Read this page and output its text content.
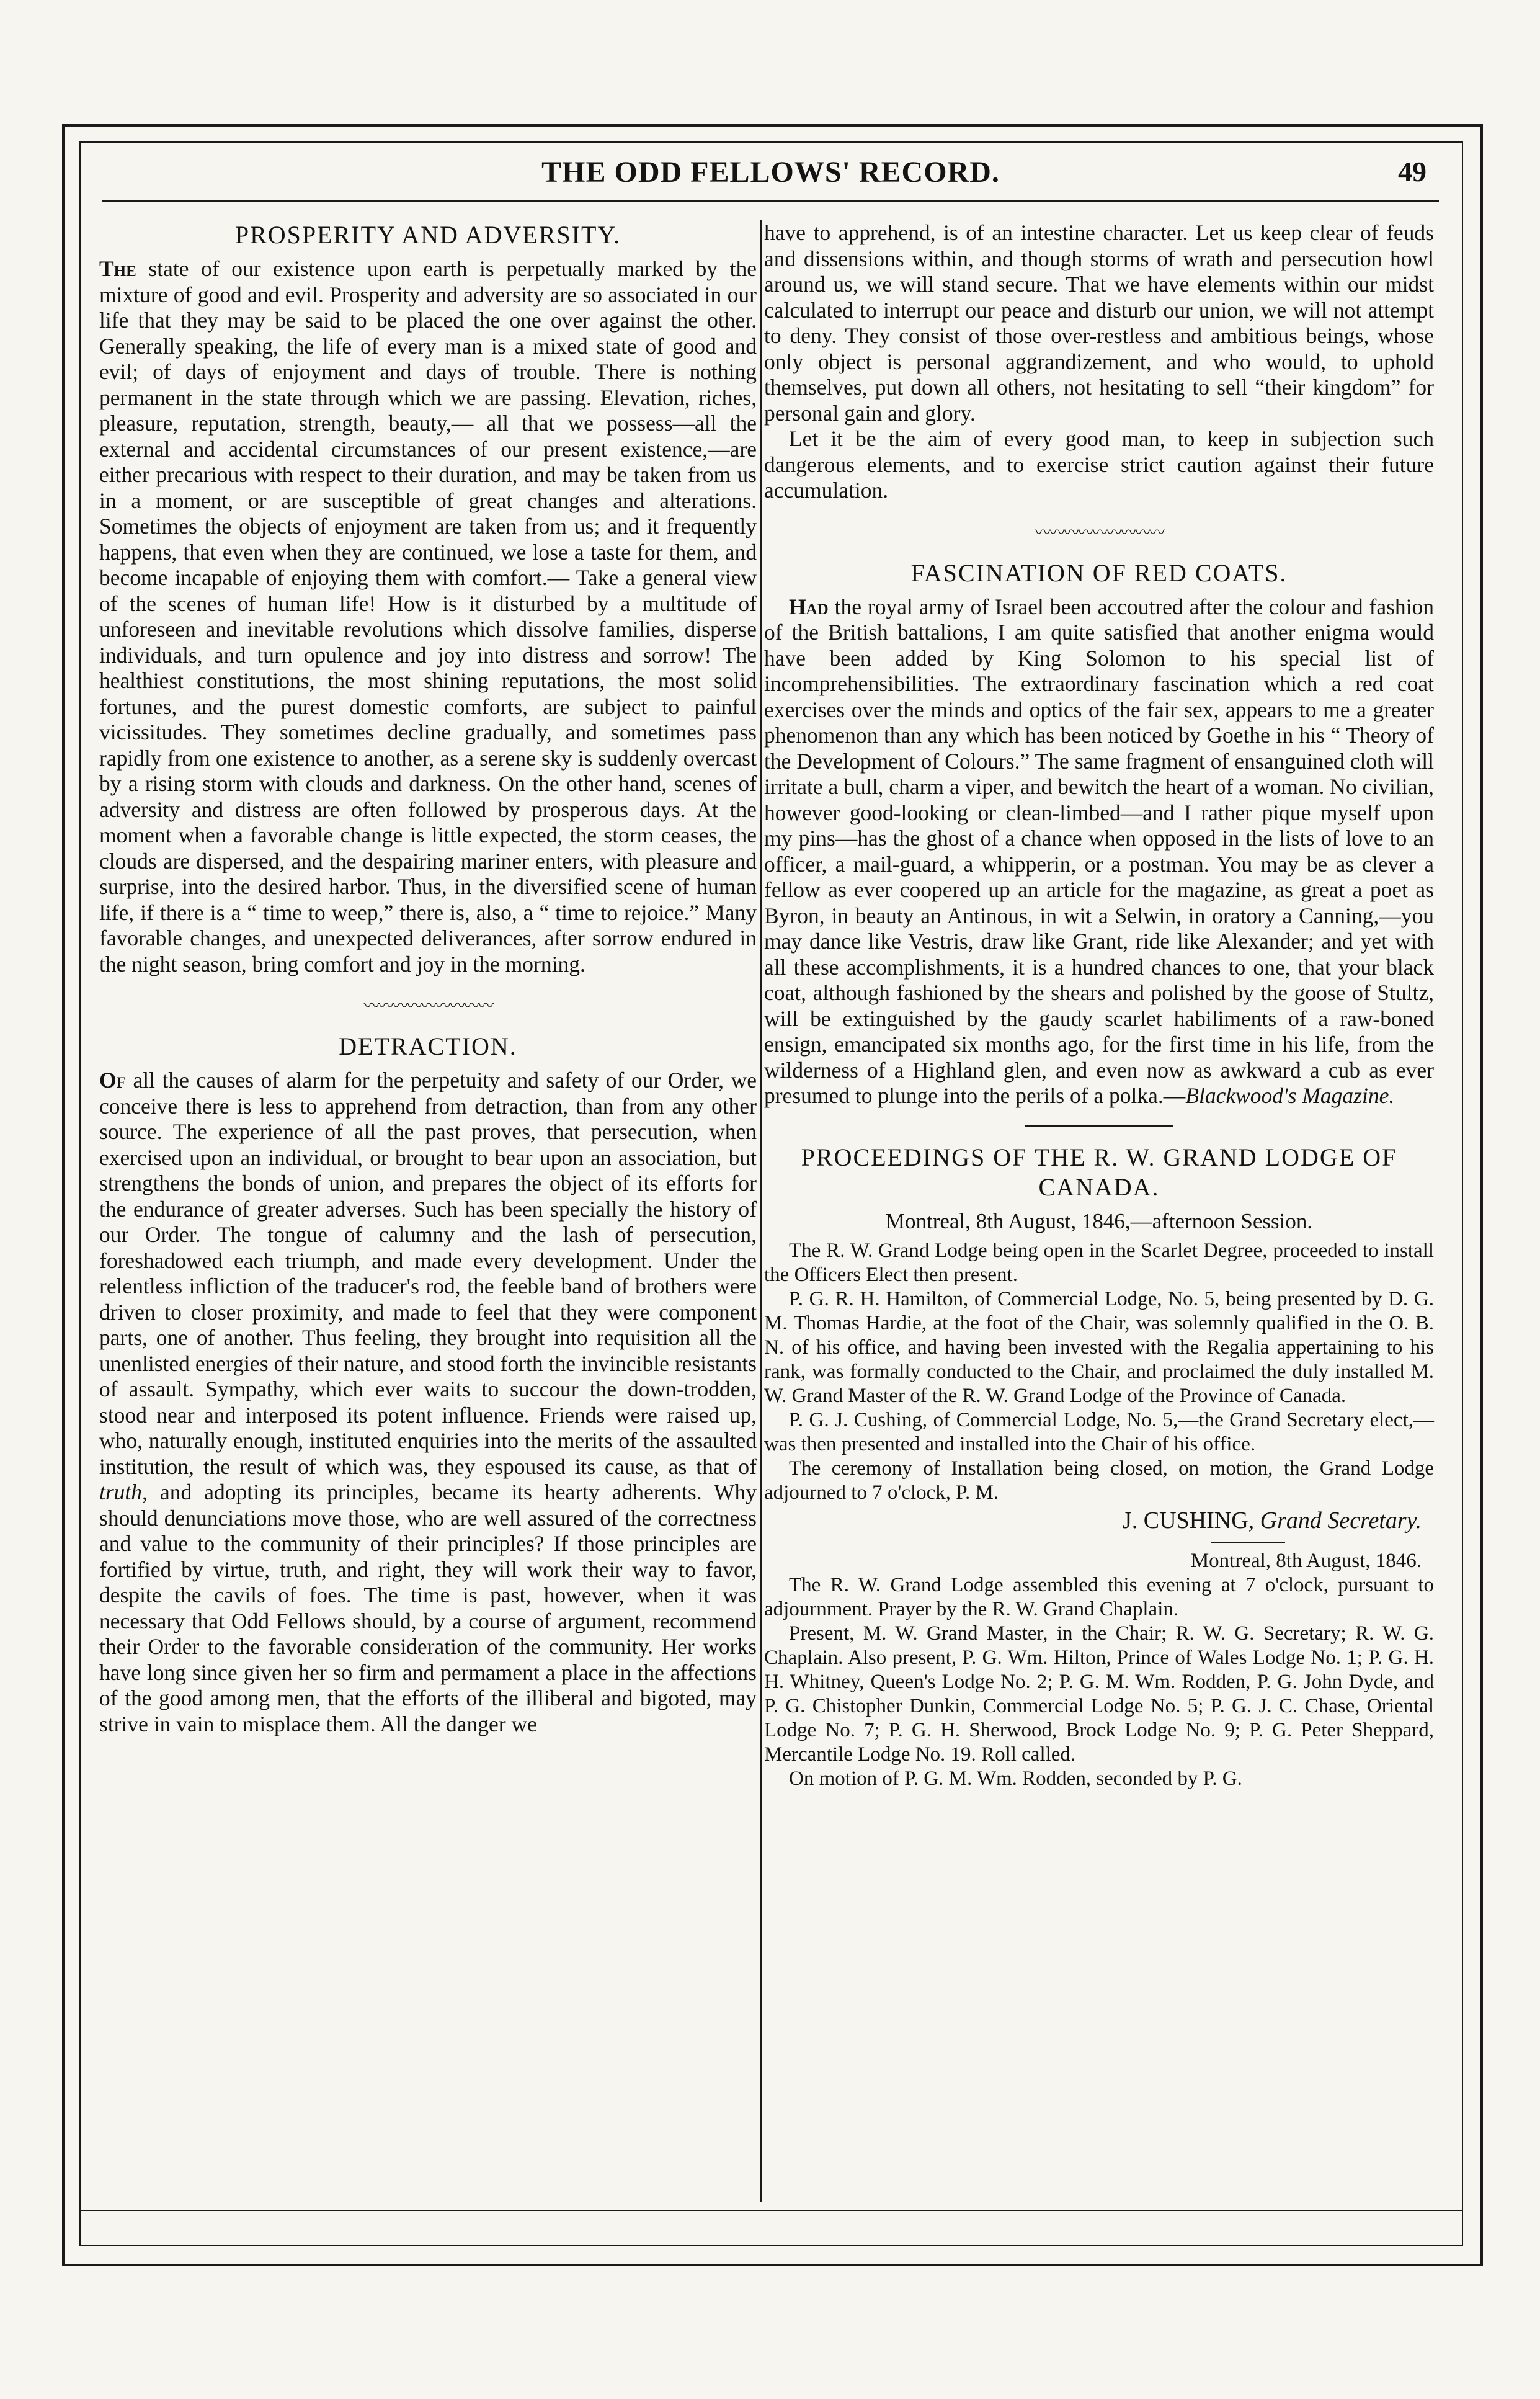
THE ODD FELLOWS' RECORD.	49
PROSPERITY AND ADVERSITY.

The state of our existence upon earth is perpetually marked by the mixture of good and evil. Prosperity and adversity are so associated in our life that they may be said to be placed the one over against the other. Generally speaking, the life of every man is a mixed state of good and evil; of days of enjoyment and days of trouble. There is nothing permanent in the state through which we are passing. Elevation, riches, pleasure, reputation, strength, beauty,— all that we possess—all the external and accidental circumstances of our present existence,—are either precarious with respect to their duration, and may be taken from us in a moment, or are susceptible of great changes and alterations. Sometimes the objects of enjoyment are taken from us; and it frequently happens, that even when they are continued, we lose a taste for them, and become incapable of enjoying them with comfort.— Take a general view of the scenes of human life! How is it disturbed by a multitude of unforeseen and inevitable revolutions which dissolve families, disperse individuals, and turn opulence and joy into distress and sorrow! The healthiest constitutions, the most shining reputations, the most solid fortunes, and the purest domestic comforts, are subject to painful vicissitudes. They sometimes decline gradually, and sometimes pass rapidly from one existence to another, as a serene sky is suddenly overcast by a rising storm with clouds and darkness. On the other hand, scenes of adversity and distress are often followed by prosperous days. At the moment when a favorable change is little expected, the storm ceases, the clouds are dispersed, and the despairing mariner enters, with pleasure and surprise, into the desired harbor. Thus, in the diversified scene of human life, if there is a “ time to weep,” there is, also, a “ time to rejoice.” Many favorable changes, and unexpected deliverances, after sorrow endured in the night season, bring comfort and joy in the morning.

〰〰〰〰〰〰〰〰〰
DETRACTION.

Of all the causes of alarm for the perpetuity and safety of our Order, we conceive there is less to apprehend from detraction, than from any other source. The experience of all the past proves, that persecution, when exercised upon an individual, or brought to bear upon an association, but strengthens the bonds of union, and prepares the object of its efforts for the endurance of greater adverses. Such has been specially the history of our Order. The tongue of calumny and the lash of persecution, foreshadowed each triumph, and made every development. Under the relentless infliction of the traducer's rod, the feeble band of brothers were driven to closer proximity, and made to feel that they were component parts, one of another. Thus feeling, they brought into requisition all the unenlisted energies of their nature, and stood forth the invincible resistants of assault. Sympathy, which ever waits to succour the down-trodden, stood near and interposed its potent influence. Friends were raised up, who, naturally enough, instituted enquiries into the merits of the assaulted institution, the result of which was, they espoused its cause, as that of truth, and adopting its principles, became its hearty adherents. Why should denunciations move those, who are well assured of the correctness and value to the community of their principles? If those principles are fortified by virtue, truth, and right, they will work their way to favor, despite the cavils of foes. The time is past, however, when it was necessary that Odd Fellows should, by a course of argument, recommend their Order to the favorable consideration of the community. Her works have long since given her so firm and permament a place in the affections of the good among men, that the efforts of the illiberal and bigoted, may strive in vain to misplace them. All the danger we

have to apprehend, is of an intestine character. Let us keep clear of feuds and dissensions within, and though storms of wrath and persecution howl around us, we will stand secure. That we have elements within our midst calculated to interrupt our peace and disturb our union, we will not attempt to deny. They consist of those over-restless and ambitious beings, whose only object is personal aggrandizement, and who would, to uphold themselves, put down all others, not hesitating to sell “their kingdom” for personal gain and glory.

Let it be the aim of every good man, to keep in subjection such dangerous elements, and to exercise strict caution against their future accumulation.

〰〰〰〰〰〰〰〰〰
FASCINATION OF RED COATS.

Had the royal army of Israel been accoutred after the colour and fashion of the British battalions, I am quite satisfied that another enigma would have been added by King Solomon to his special list of incomprehensibilities. The extraordinary fascination which a red coat exercises over the minds and optics of the fair sex, appears to me a greater phenomenon than any which has been noticed by Goethe in his “ Theory of the Development of Colours.” The same fragment of ensanguined cloth will irritate a bull, charm a viper, and bewitch the heart of a woman. No civilian, however good-looking or clean-limbed—and I rather pique myself upon my pins—has the ghost of a chance when opposed in the lists of love to an officer, a mail-guard, a whipperin, or a postman. You may be as clever a fellow as ever coopered up an article for the magazine, as great a poet as Byron, in beauty an Antinous, in wit a Selwin, in oratory a Canning,—you may dance like Vestris, draw like Grant, ride like Alexander; and yet with all these accomplishments, it is a hundred chances to one, that your black coat, although fashioned by the shears and polished by the goose of Stultz, will be extinguished by the gaudy scarlet habiliments of a raw-boned ensign, emancipated six months ago, for the first time in his life, from the wilderness of a Highland glen, and even now as awkward a cub as ever presumed to plunge into the perils of a polka.—Blackwood's Magazine.

PROCEEDINGS OF THE R. W. GRAND LODGE OF CANADA.
Montreal, 8th August, 1846,—afternoon Session.

The R. W. Grand Lodge being open in the Scarlet Degree, proceeded to install the Officers Elect then present.

P. G. R. H. Hamilton, of Commercial Lodge, No. 5, being presented by D. G. M. Thomas Hardie, at the foot of the Chair, was solemnly qualified in the O. B. N. of his office, and having been invested with the Regalia appertaining to his rank, was formally conducted to the Chair, and proclaimed the duly installed M. W. Grand Master of the R. W. Grand Lodge of the Province of Canada.

P. G. J. Cushing, of Commercial Lodge, No. 5,—the Grand Secretary elect,—was then presented and installed into the Chair of his office.

The ceremony of Installation being closed, on motion, the Grand Lodge adjourned to 7 o'clock, P. M.

J. CUSHING, Grand Secretary.
Montreal, 8th August, 1846.

The R. W. Grand Lodge assembled this evening at 7 o'clock, pursuant to adjournment. Prayer by the R. W. Grand Chaplain.

Present, M. W. Grand Master, in the Chair; R. W. G. Secretary; R. W. G. Chaplain. Also present, P. G. Wm. Hilton, Prince of Wales Lodge No. 1; P. G. H. H. Whitney, Queen's Lodge No. 2; P. G. M. Wm. Rodden, P. G. John Dyde, and P. G. Chistopher Dunkin, Commercial Lodge No. 5; P. G. J. C. Chase, Oriental Lodge No. 7; P. G. H. Sherwood, Brock Lodge No. 9; P. G. Peter Sheppard, Mercantile Lodge No. 19. Roll called.

On motion of P. G. M. Wm. Rodden, seconded by P. G.
